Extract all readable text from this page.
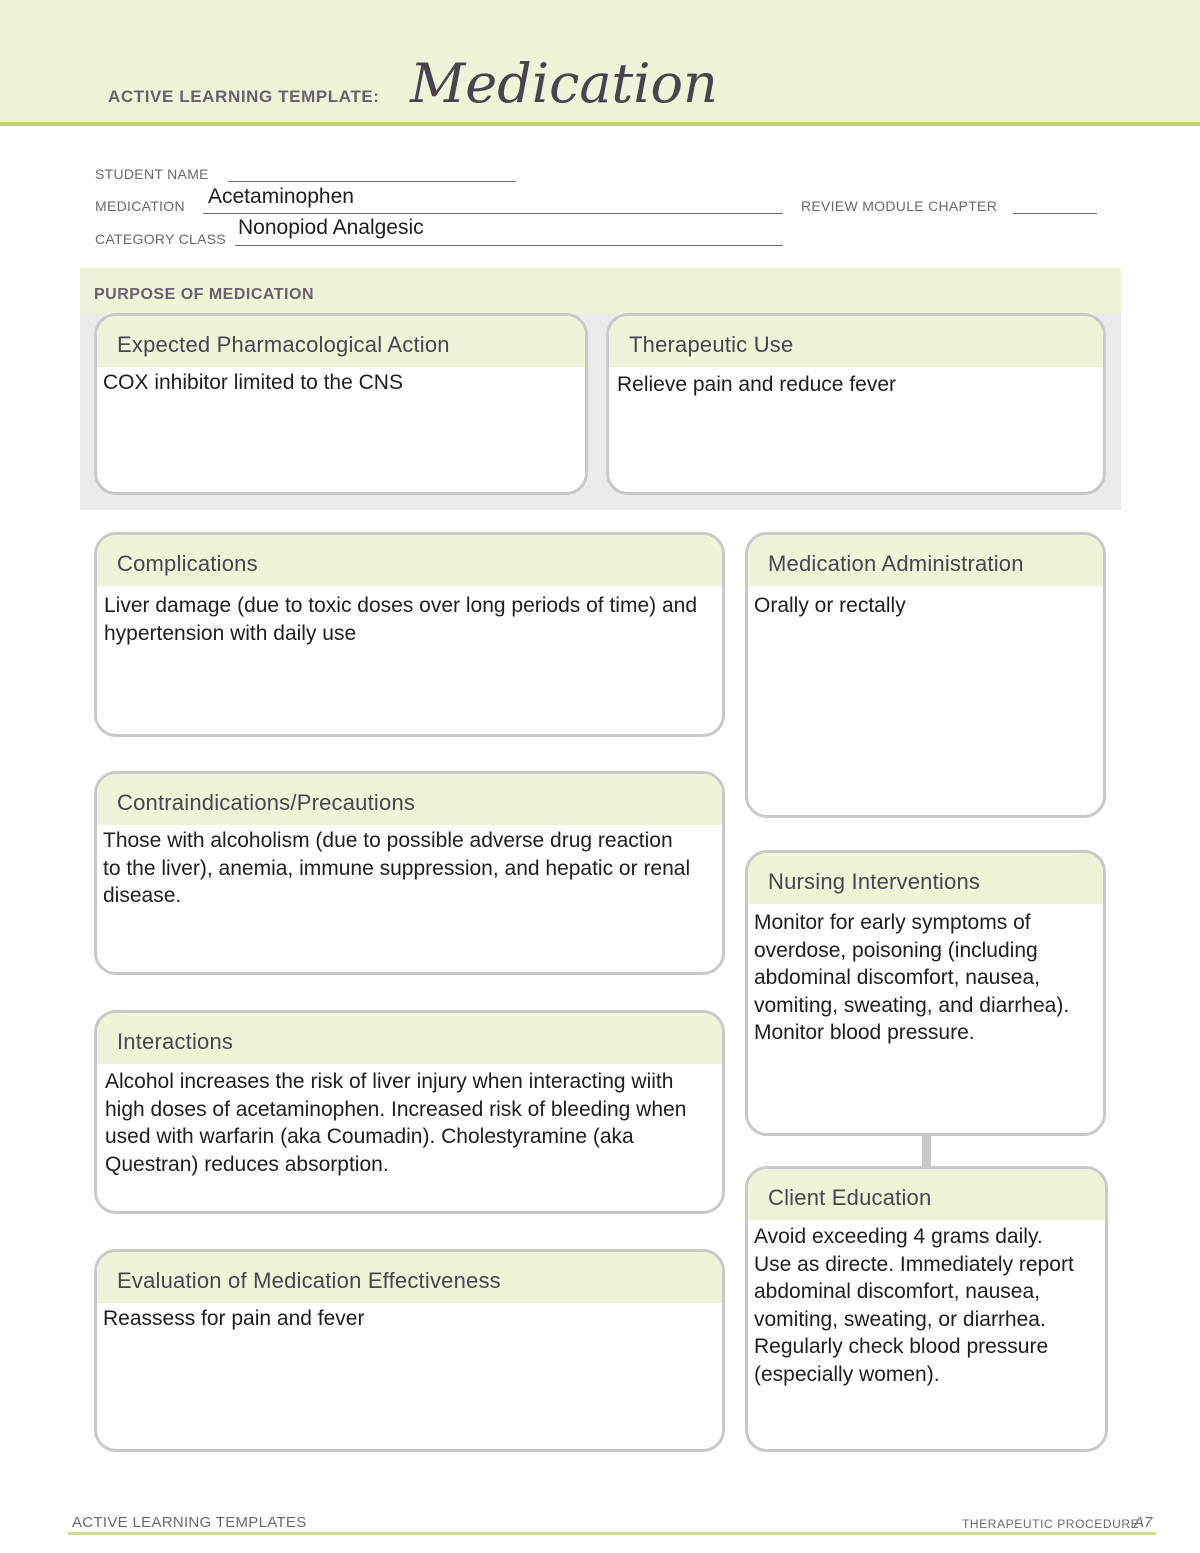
ACTIVE LEARNING TEMPLATE: Medication
STUDENT NAME
MEDICATION Acetaminophen	REVIEW MODULE CHAPTER
CATEGORY CLASS Nonopiod Analgesic
PURPOSE OF MEDICATION
Expected Pharmacological Action
COX inhibitor limited to the CNS
Therapeutic Use
Relieve pain and reduce fever
Complications
Liver damage (due to toxic doses over long periods of time) and hypertension with daily use
Contraindications/Precautions
Those with alcoholism (due to possible adverse drug reaction to the liver), anemia, immune suppression, and hepatic or renal disease.
Interactions
Alcohol increases the risk of liver injury when interacting wiith high doses of acetaminophen. Increased risk of bleeding when used with warfarin (aka Coumadin). Cholestyramine (aka Questran) reduces absorption.
Evaluation of Medication Effectiveness
Reassess for pain and fever
Medication Administration
Orally or rectally
Nursing Interventions
Monitor for early symptoms of overdose, poisoning (including abdominal discomfort, nausea, vomiting, sweating, and diarrhea). Monitor blood pressure.
Client Education
Avoid exceeding 4 grams daily. Use as directe. Immediately report abdominal discomfort, nausea, vomiting, sweating, or diarrhea. Regularly check blood pressure (especially women).
ACTIVE LEARNING TEMPLATES	THERAPEUTIC PROCEDURE
A7
